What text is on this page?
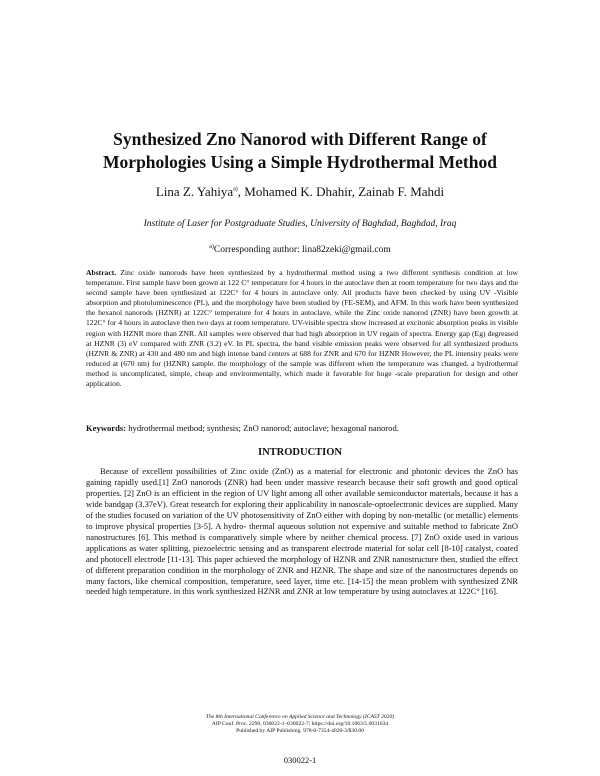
Synthesized Zno Nanorod with Different Range of
Morphologies Using a Simple Hydrothermal Method
Lina Z. Yahiya$^{a)}$, Mohamed K. Dhahir, Zainab F. Mahdi
Institute of Laser for Postgraduate Studies, University of Baghdad, Baghdad, Iraq
$^{a)}$Corresponding author: lina82zeki@gmail.com

Abstract. Zinc oxide nanorods have been synthesized by a hydrothermal method using a two different synthesis condition at low temperature. First sample have been grown at 122 C° temperature for 4 hours in the autoclave then at room temperature for two days and the second sample have been synthesized at 122C° for 4 hours in autoclave only. All products have been checked by using UV -Visible absorption and photoluminescence (PL), and the morphology have been studied by (FE-SEM), and AFM. In this work have been synthesized the hexanol nanorods (HZNR) at 122C° temperature for 4 hours in autoclave, while the Zinc oxide nanorod (ZNR) have been growth at 122C° for 4 hours in autoclave then two days at room temperature. UV-visible spectra show increased at excitonic absorption peaks in visible region with HZNR more than ZNR. All samples were observed that had high absorption in UV regain of spectra. Energy gap (Eg) degreased at HZNR (3) eV compared with ZNR (3.2) eV. In PL spectra, the band visible emission peaks were observed for all synthesized products (HZNR & ZNR) at 430 and 480 nm and high intense band centers at 688 for ZNR and 670 for HZNR However, the PL intensity peaks were reduced at (670 nm) for (HZNR) sample. the morphology of the sample was different when the temperature was changed. a hydrothermal method is uncomplicated, simple, cheap and environmentally, which made it favorable for huge -scale preparation for design and other application.

Keywords: hydrothermal method; synthesis; ZnO nanorod; autoclave; hexagonal nanorod.

INTRODUCTION

Because of excellent possibilities of Zinc oxide (ZnO) as a material for electronic and photonic devices the ZnO has gaining rapidly used.[1] ZnO nanorods (ZNR) had been under massive research because their soft growth and good optical properties. [2] ZnO is an efficient in the region of UV light among all other available semiconductor materials, because it has a wide bandgap (3.37eV). Great research for exploring their applicability in nanoscale-optoelectronic devices are supplied. Many of the studies focused on variation of the UV photosensitivity of ZnO either with doping by non-metallic (or metallic) elements to improve physical properties [3-5]. A hydro- thermal aqueous solution not expensive and suitable method to fabricate ZnO nanostructures [6]. This method is comparatively simple where by neither chemical process. [7] ZnO oxide used in various applications as water splitting, piezoelectric sensing and as transparent electrode material for solar cell [8-10] catalyst, coated and photocell electrode [11-13]. This paper achieved the morphology of HZNR and ZNR nanostructure then, studied the effect of different preparation condition in the morphology of ZNR and HZNR. The shape and size of the nanostructures depends on many factors, like chemical composition, temperature, seed layer, time etc. [14-15] the mean problem with synthesized ZNR needed high temperature. in this work synthesized HZNR and ZNR at low temperature by using autoclaves at 122C° [16].

The 8th International Conference on Applied Science and Technology (ICAST 2020)
AIP Conf. Proc. 2290, 030022-1–030022-7; https://doi.org/10.1063/5.0031634
Published by AIP Publishing. 978-0-7354-4020-3/$30.00
030022-1
